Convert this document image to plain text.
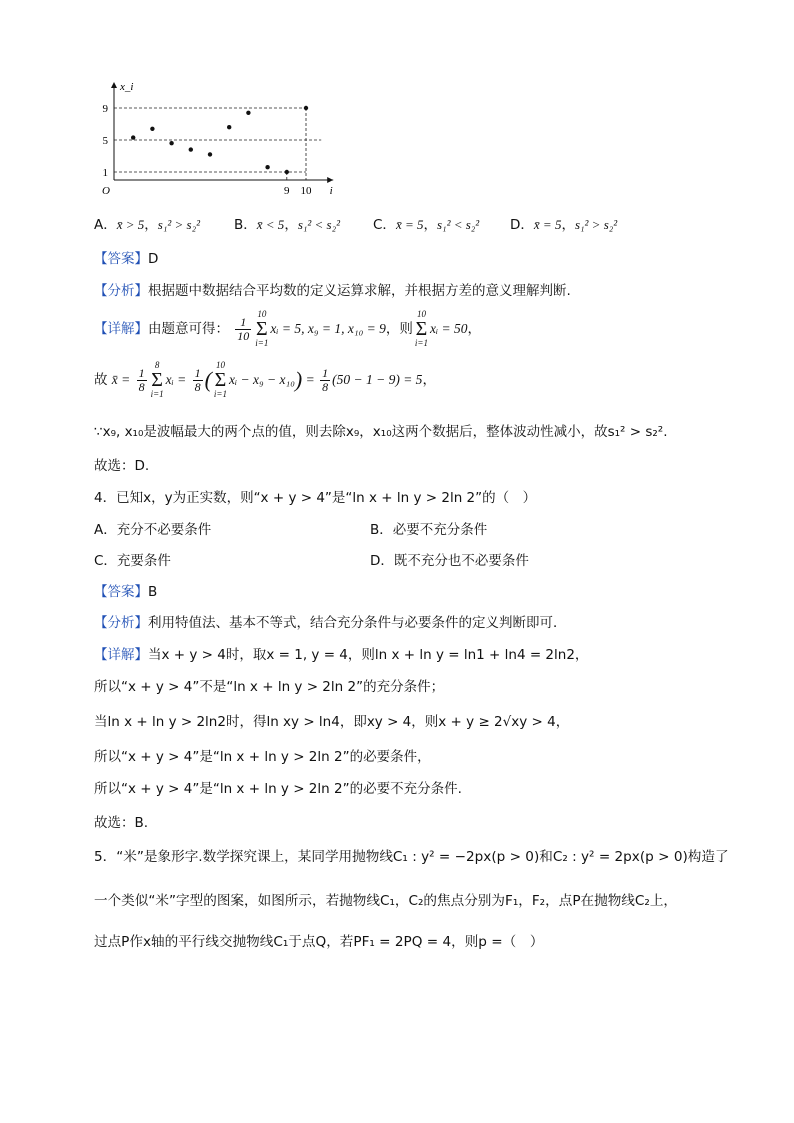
1
5
9
9 10
O	i
x_i
A．x̄ > 5，s₁² > s₂²	B．x̄ < 5，s₁² < s₂² C．x̄ = 5，s₁² < s₂² D．x̄ = 5，s₁² > s₂²
【答案】D
【分析】根据题中数据结合平均数的定义运算求解，并根据方差的意义理解判断.
【详解】由题意可得： $\frac{1}{10}$
10
Σ
i=1xᵢ = 5, x₉ = 1, x₁₀ = 9，则10
Σ
i=1xᵢ = 50，
故 x̄ = $\frac{1}{8}$
8
Σ
i=1xᵢ = $\frac{1}{8} (10$
Σ
i=1xᵢ − $x_9 - x_{10}) = \frac{1}{8} (50 - 1 - 9) = 5$，
∵x₉, x₁₀是波幅最大的两个点的值，则去除x₉，x₁₀这两个数据后，整体波动性减小，故s₁² > s₂².
故选：D.
4．已知x，y为正实数，则“x + y > 4”是“ln x + ln y > 2ln 2”的（　）
A．充分不必要条件	B．必要不充分条件
C．充要条件	D．既不充分也不必要条件
【答案】B
【分析】利用特值法、基本不等式，结合充分条件与必要条件的定义判断即可．
【详解】当x + y > 4时，取x = 1, y = 4，则ln x + ln y = ln1 + ln4 = 2ln2，
所以“x + y > 4”不是“ln x + ln y > 2ln 2”的充分条件；
当ln x + ln y > 2ln2时，得ln xy > ln4，即xy > 4，则x + y ≥ 2√xy > 4，
所以“x + y > 4”是“ln x + ln y > 2ln 2”的必要条件，
所以“x + y > 4”是“ln x + ln y > 2ln 2”的必要不充分条件.
故选：B.
5．“米”是象形字.数学探究课上，某同学用抛物线C₁ : y² = −2px(p > 0)和C₂ : y² = 2px(p > 0)构造了
一个类似“米”字型的图案，如图所示，若抛物线C₁，C₂的焦点分别为F₁，F₂，点P在抛物线C₂上，
过点P作x轴的平行线交抛物线C₁于点Q，若PF₁ = 2PQ = 4，则p =（　）
